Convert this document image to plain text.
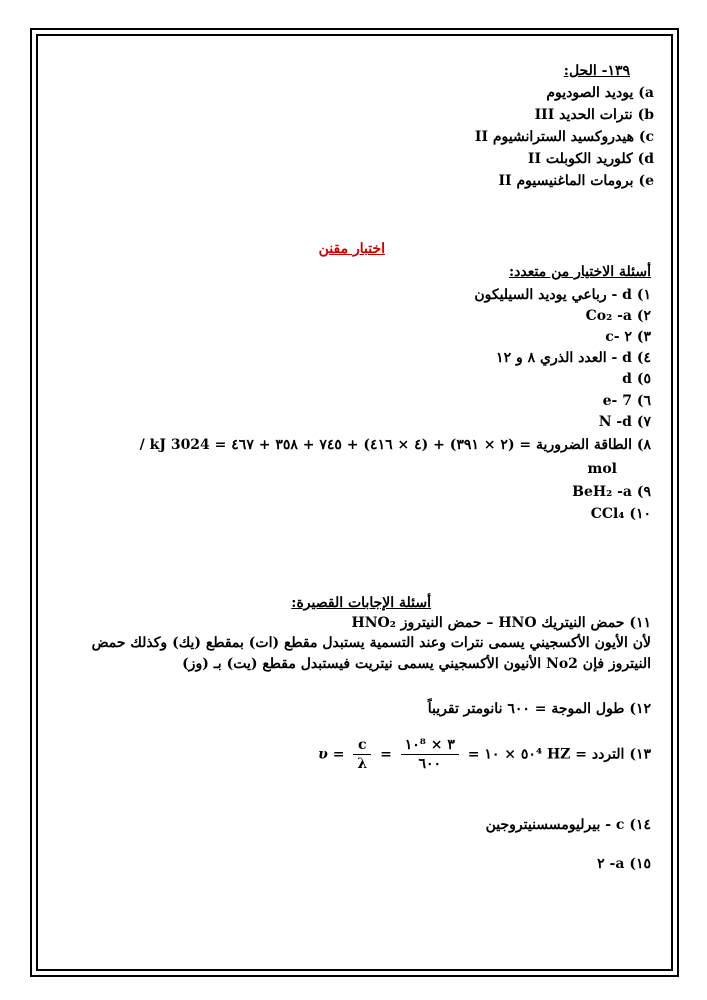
١٣٩- الحل:
a) يوديد الصوديوم
b) نترات الحديد III
c) هيدروكسيد السترانشيوم II
d) كلوريد الكوبلت II
e) برومات الماغنيسيوم II
اختبار مقنن
أسئلة الاختيار من متعدد:
١) d - رباعي يوديد السيليكون
٢) Co₂ -a
٣) ٢ -c
٤) d - العدد الذري ٨ و ١٢
٥) d
٦) 7 -e
٧) N -d
٨) الطاقة الضرورية = (٢ × ٣٩١) + (٤ × ٤١٦) + ٧٤٥ + ٣٥٨ + ٤٦٧ = 3024 kJ /
mol
٩) BeH₂ -a
١٠) CCl₄
أسئلة الإجابات القصيرة:
١١) حمض النيتريك HNO – حمض النيتروز HNO₂
لأن الأيون الأكسجيني يسمى نترات وعند التسمية يستبدل مقطع (ات) بمقطع (يك) وكذلك حمض
النيتروز فإن No2 الأنيون الأكسجيني يسمى نيتريت فيستبدل مقطع (يت) بـ (وز)
١٢) طول الموجة = ٦٠٠ نانومتر تقريباً
١٣) التردد = $\upsilon = \frac{c}{\lambda} = \frac{\text{٣ × ١٠⁸}}{٦٠٠}$ = ٥٠ × ١٠⁴ HZ
١٤) c - بيرليومسسنيتروجين
١٥) a- ٢
